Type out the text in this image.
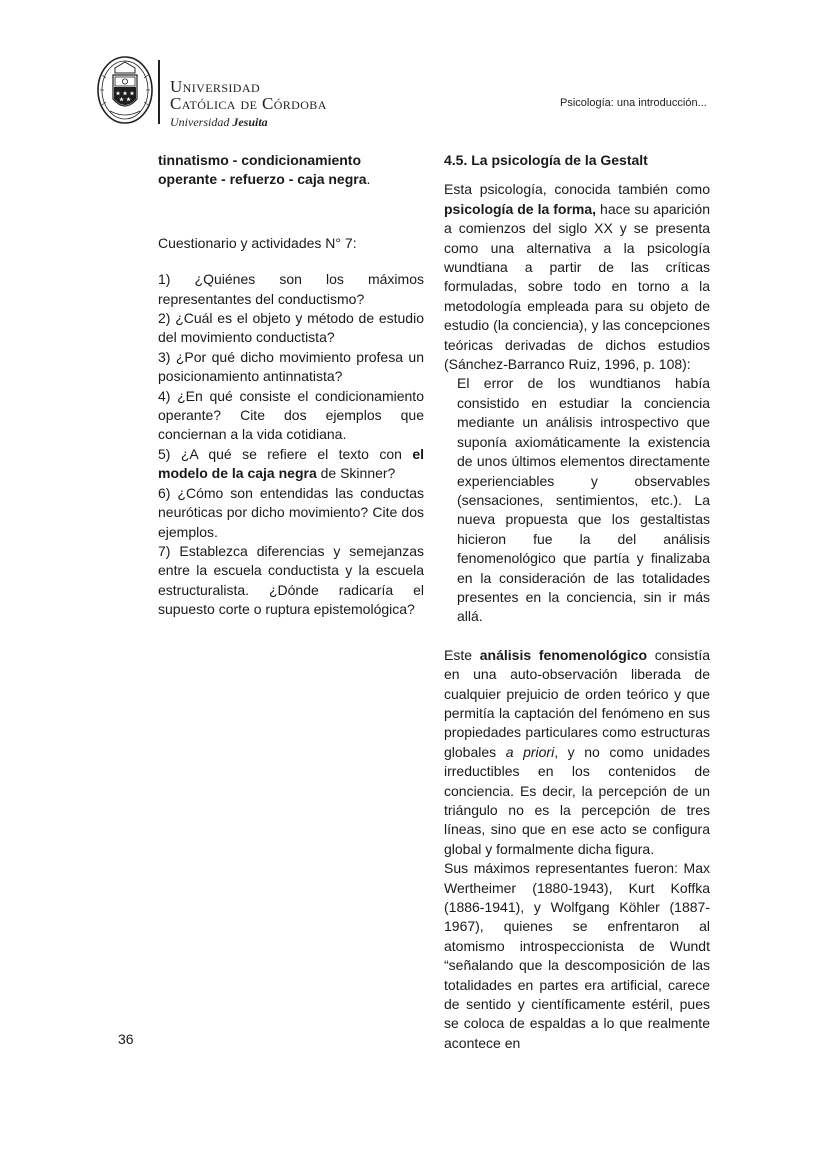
Universidad
Católica de Córdoba
Universidad Jesuita
Psicología: una introducción...

tinnatismo - condicionamiento operante - refuerzo - caja negra.

Cuestionario y actividades N° 7:

1) ¿Quiénes son los máximos representantes del conductismo?

2) ¿Cuál es el objeto y método de estudio del movimiento conductista?

3) ¿Por qué dicho movimiento profesa un posicionamiento antinnatista?

4) ¿En qué consiste el condicionamiento operante? Cite dos ejemplos que conciernan a la vida cotidiana.

5) ¿A qué se refiere el texto con el modelo de la caja negra de Skinner?

6) ¿Cómo son entendidas las conductas neuróticas por dicho movimiento? Cite dos ejemplos.

7) Establezca diferencias y semejanzas entre la escuela conductista y la escuela estructuralista. ¿Dónde radicaría el supuesto corte o ruptura epistemológica?

4.5. La psicología de la Gestalt

Esta psicología, conocida también como psicología de la forma, hace su aparición a comienzos del siglo XX y se presenta como una alternativa a la psicología wundtiana a partir de las críticas formuladas, sobre todo en torno a la metodología empleada para su objeto de estudio (la conciencia), y las concepciones teóricas derivadas de dichos estudios (Sánchez-Barranco Ruiz, 1996, p. 108):

El error de los wundtianos había consistido en estudiar la conciencia mediante un análisis introspectivo que suponía axiomáticamente la existencia de unos últimos elementos directamente experienciables y observables (sensaciones, sentimientos, etc.). La nueva propuesta que los gestaltistas hicieron fue la del análisis fenomenológico que partía y finalizaba en la consideración de las totalidades presentes en la conciencia, sin ir más allá.

Este análisis fenomenológico consistía en una auto-observación liberada de cualquier prejuicio de orden teórico y que permitía la captación del fenómeno en sus propiedades particulares como estructuras globales a priori, y no como unidades irreductibles en los contenidos de conciencia. Es decir, la percepción de un triángulo no es la percepción de tres líneas, sino que en ese acto se configura global y formalmente dicha figura.

Sus máximos representantes fueron: Max Wertheimer (1880-1943), Kurt Koffka (1886-1941), y Wolfgang Köhler (1887-1967), quienes se enfrentaron al atomismo introspeccionista de Wundt “señalando que la descomposición de las totalidades en partes era artificial, carece de sentido y científicamente estéril, pues se coloca de espaldas a lo que realmente acontece en

36
